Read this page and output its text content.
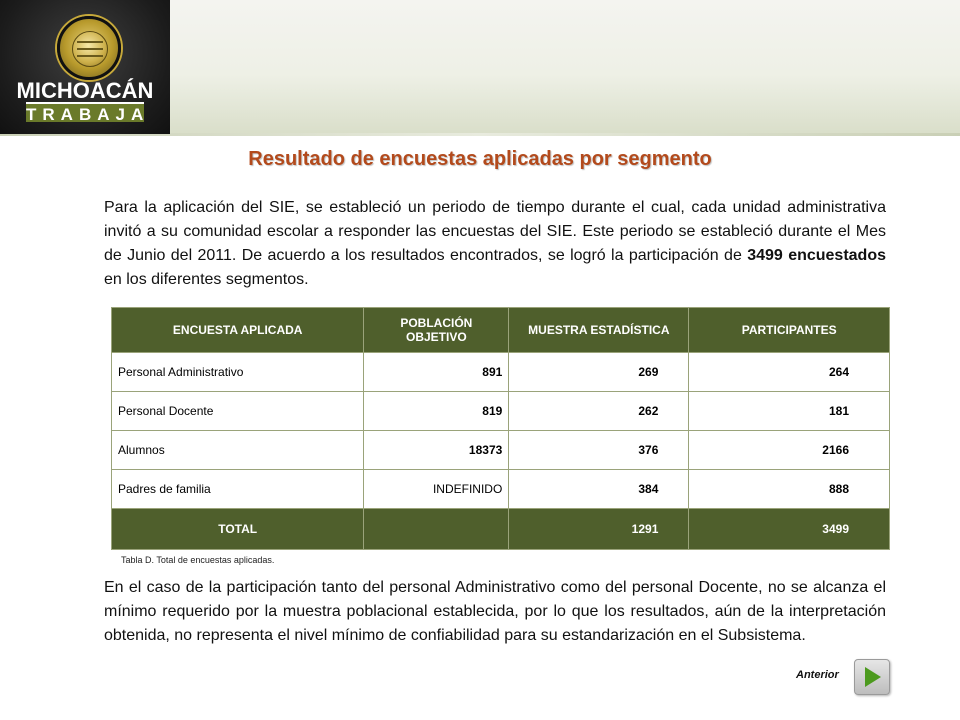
MICHOACÁN
TRABAJA
Resultado de encuestas aplicadas por segmento
Para la aplicación del SIE, se estableció un periodo de tiempo durante el cual, cada unidad administrativa invitó a su comunidad escolar a responder las encuestas del SIE. Este periodo se estableció durante el Mes de Junio del 2011. De acuerdo a los resultados encontrados, se logró la participación de 3499 encuestados en los diferentes segmentos.
ENCUESTA APLICADA	POBLACIÓN OBJETIVO	MUESTRA ESTADÍSTICA	PARTICIPANTES
Personal Administrativo	891	269	264
Personal Docente	819	262	181
Alumnos	18373	376	2166
Padres de familia	INDEFINIDO	384	888
TOTAL		1291	3499
Tabla D. Total de encuestas aplicadas.
En el caso de la participación tanto del personal Administrativo como del personal Docente, no se alcanza el mínimo requerido por la muestra poblacional establecida, por lo que los resultados, aún de la interpretación obtenida, no representa el nivel mínimo de confiabilidad para su estandarización en el Subsistema.
Anterior
